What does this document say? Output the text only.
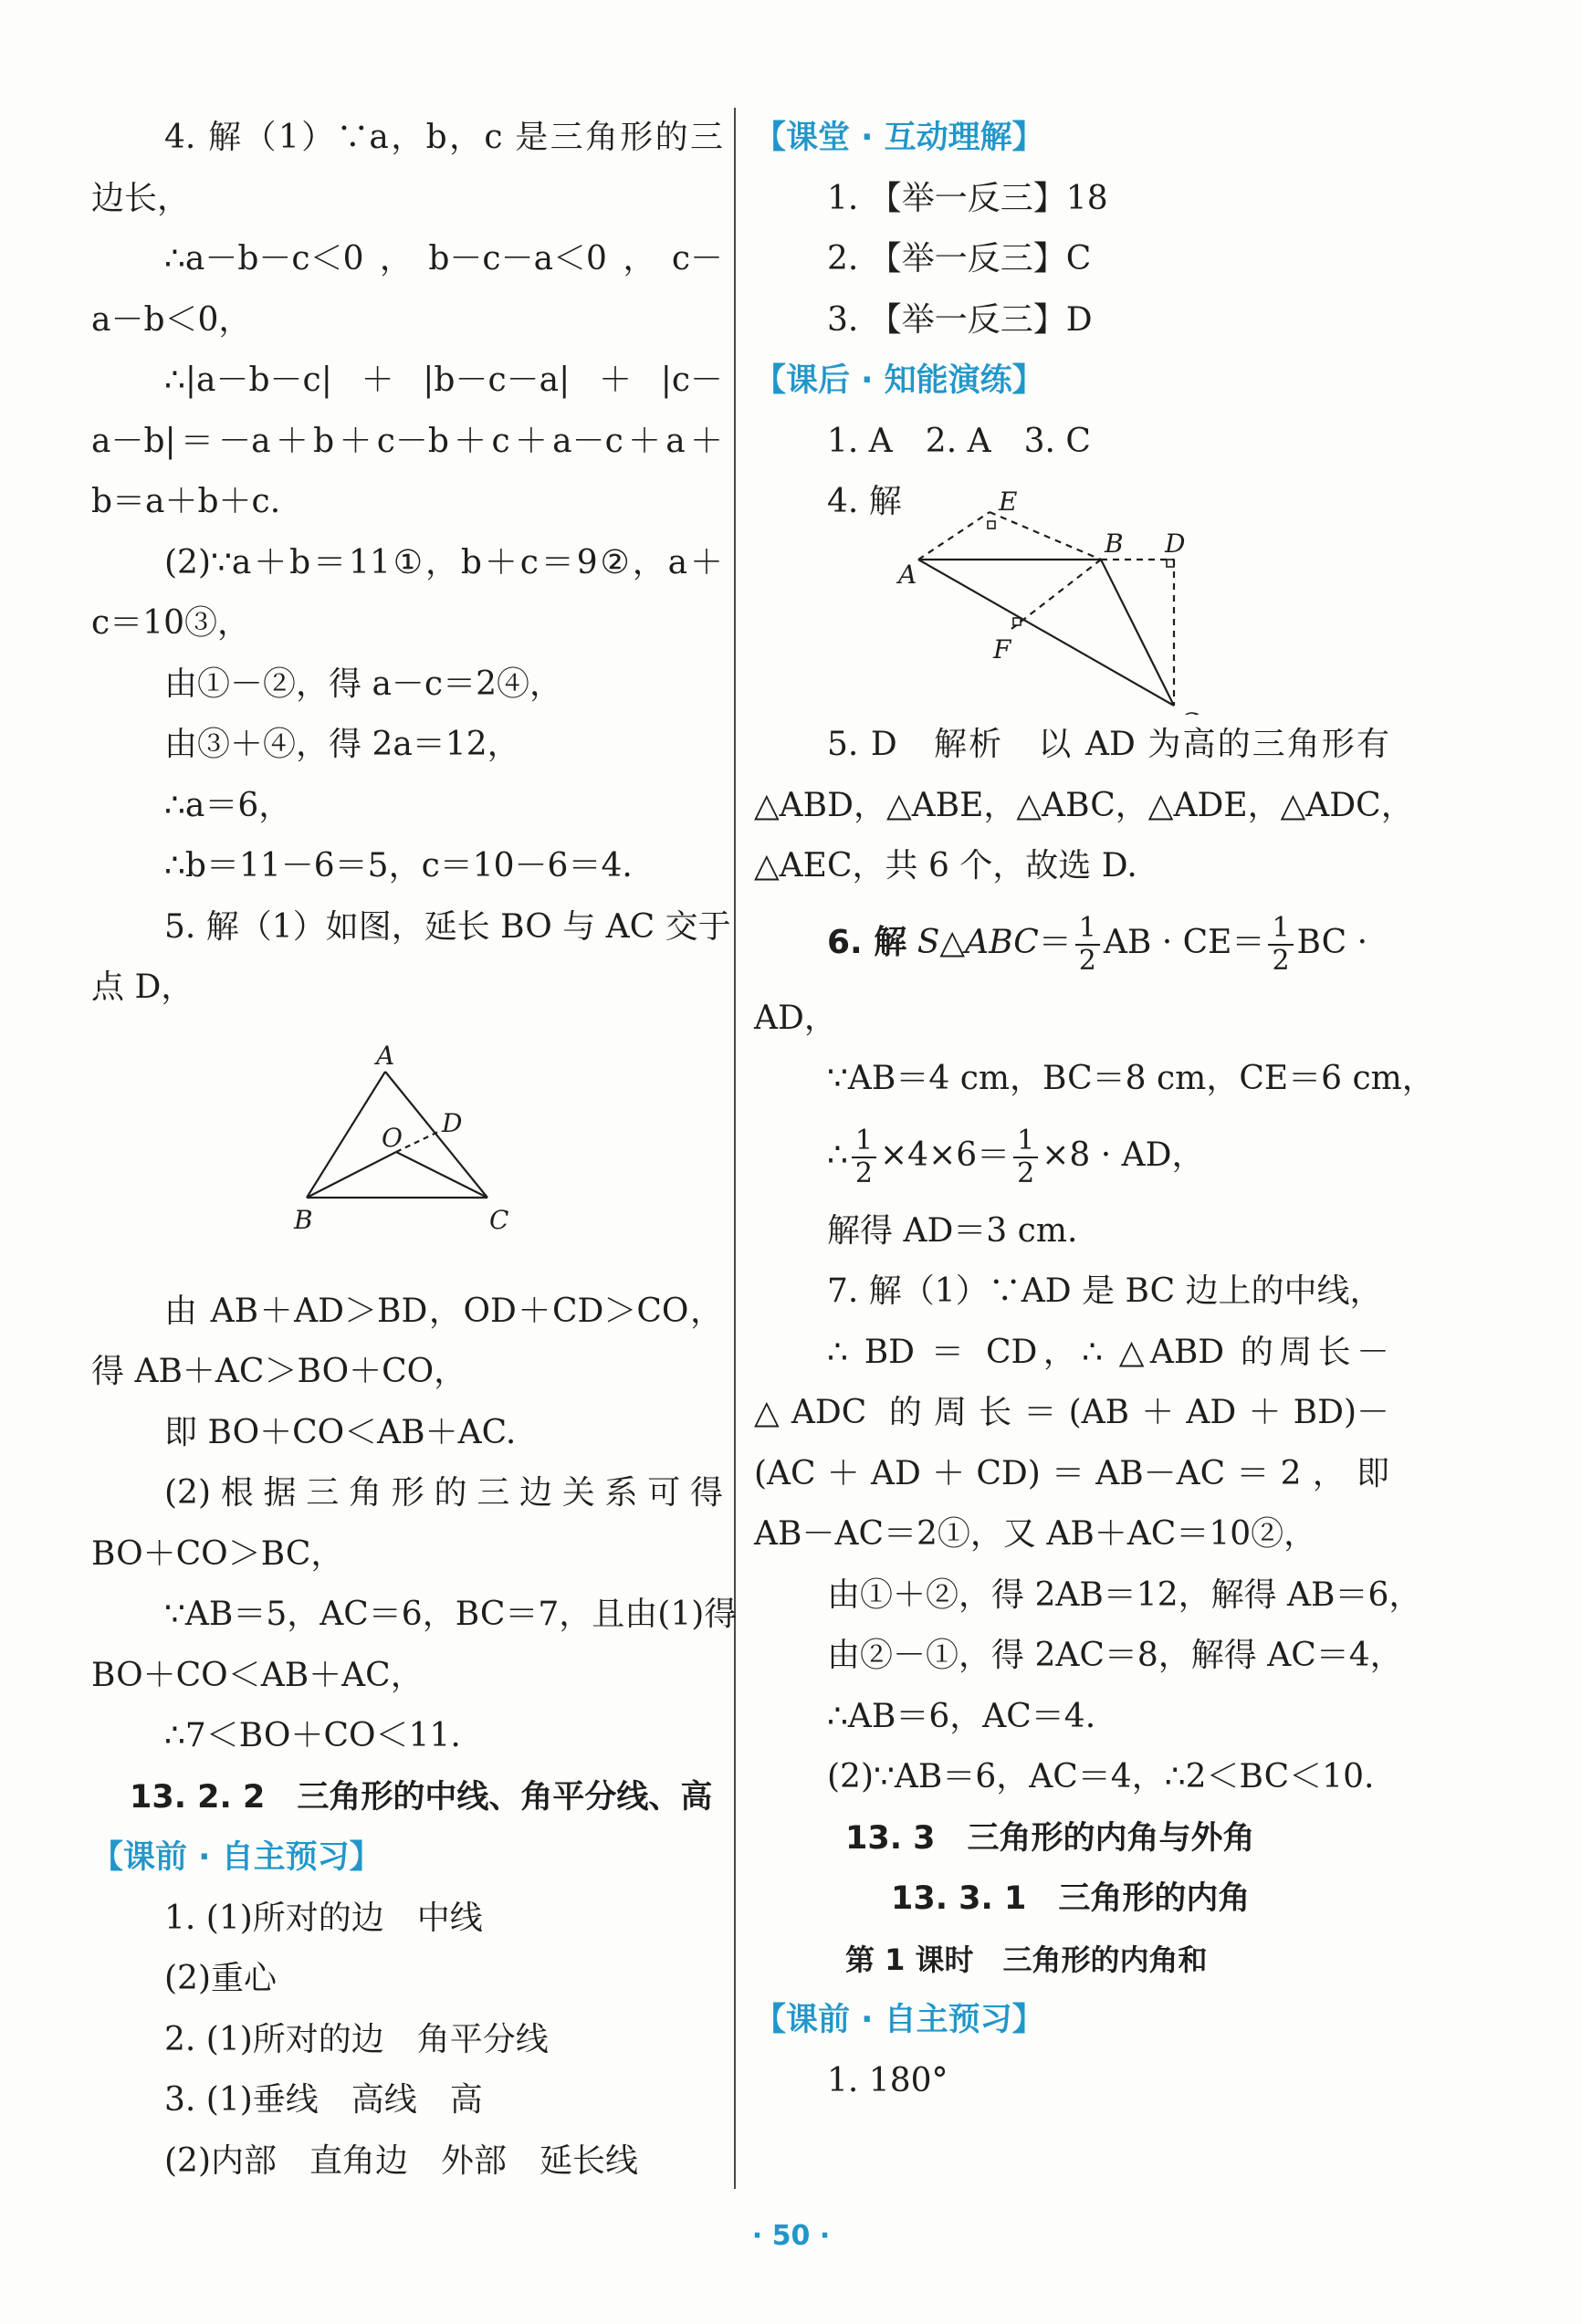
4. 解（1）∵a，b，c 是三角形的三
边长，
∴a－b－c＜0，b－c－a＜0，c－
a－b＜0，
∴|a－b－c|＋|b－c－a|＋|c－
a－b|＝－a＋b＋c－b＋c＋a－c＋a＋
b＝a＋b＋c.
(2)∵a＋b＝11①，b＋c＝9②，a＋
c＝10③，
由①－②，得 a－c＝2④，
由③＋④，得 2a＝12，
∴a＝6，
∴b＝11－6＝5，c＝10－6＝4.
5. 解（1）如图，延长 BO 与 AC 交于
点 D，
A
B	C
D
O
由 AB＋AD＞BD，OD＋CD＞CO，
得 AB＋AC＞BO＋CO，
即 BO＋CO＜AB＋AC.
(2)根据三角形的三边关系可得
BO＋CO＞BC，
∵AB＝5，AC＝6，BC＝7，且由(1)得
BO＋CO＜AB＋AC，
∴7＜BO＋CO＜11.
13. 2. 2　三角形的中线、角平分线、高
【课前 · 自主预习】
1. (1)所对的边　中线
(2)重心
2. (1)所对的边　角平分线
3. (1)垂线　高线　高
(2)内部　直角边　外部　延长线
【课堂 · 互动理解】
1. 【举一反三】18
2. 【举一反三】C
3. 【举一反三】D
【课后 · 知能演练】
1. A　2. A　3. C
4. 解
A
B D
E
F
5. D　解析　以 AD 为高的三角形有
△ABD，△ABE，△ABC，△ADE，△ADC，
△AEC，共 6 个，故选 D.
6. 解 S△ABC＝ $\frac{1}{2}$ AB · $CE= \frac{1}{2}$ BC ·
AD，
∵AB＝4 cm，BC＝8 cm，CE＝6 cm，
∴ $\frac{1}{2} \times 4\times 6= \frac{1}{2} \times 8$ · AD，
解得 AD＝3 cm.
7. 解（1）∵AD 是 BC 边上的中线，
∴ BD ＝ CD，∴ △ABD 的周长－
△ADC 的周长＝(AB＋AD＋BD)－
(AC＋AD＋CD)＝AB－AC＝2，即
AB－AC＝2①，又 AB＋AC＝10②，
由①＋②，得 2AB＝12，解得 AB＝6，
由②－①，得 2AC＝8，解得 AC＝4，
∴AB＝6，AC＝4.
(2)∵AB＝6，AC＝4，∴2＜BC＜10.
13. 3　三角形的内角与外角
13. 3. 1　三角形的内角
第 1 课时　三角形的内角和
【课前 · 自主预习】
1. 180°
· 50 ·
